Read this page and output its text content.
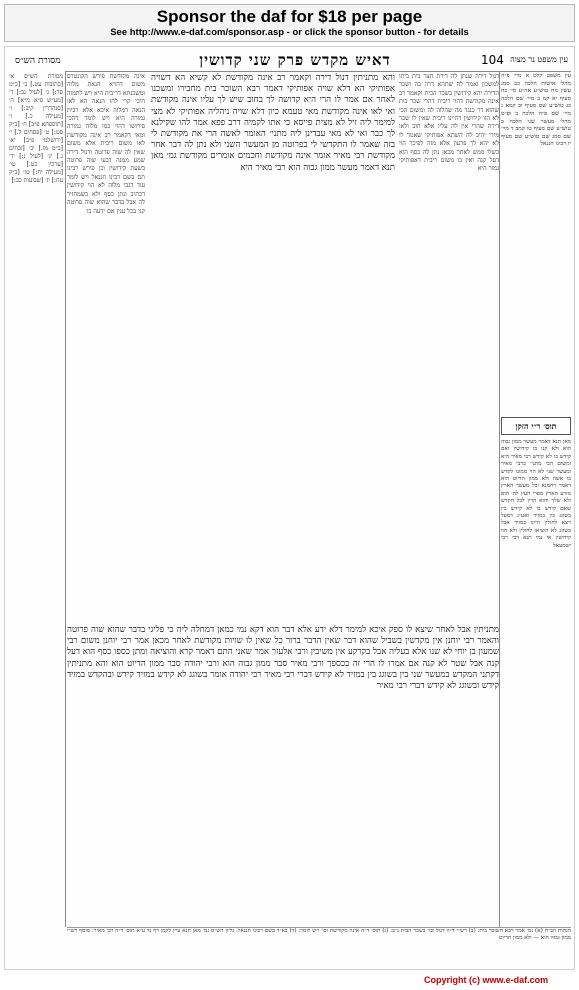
Sponsor the daf for $18 per page
See http://www.e-daf.com/sponsor.asp - or click the sponsor button - for details
מסורת הש״ס	דאיש מקדש פרק שני קדושין	104 עין משפט נר מצוה
מסורת הש״ס א׳ [כתובות עט.] ב׳ [ב״מ סד:] ג׳ [לעיל נב:] ד׳ [מע״ש פ״א מ״א] ה׳ [סנהדרין קיב:] ו׳ [מעילה כ.] ז׳ [תוספתא פ״ב] ח׳ [ב״ק סט:] ט׳ [פסחים ל.] י׳ [ירושלמי פ״ב] יא׳ [ב״מ מז.] יב׳ [זבחים נ.] יג׳ [לעיל נ:] יד׳ [ערכין כט.] טו׳ [מעילה יח:] טז׳ [ב״ק עח:] יז׳ [שבועות כב:]
אינה מקודשת פירש הקונטרס משום דהויא הנאת מלוה ומשכנתא דריבית היא ויש לתמוה היכי קרי להו הנאה הא לאו הנאה דמלוה איכא אלא רבית גמורה היא ויש לומר דהכי פירושו דהוי כמו מלוה גמורה ומאי דקאמר רב אינה מקודשת לאו משום ריבית אלא משום שאין לה שוה פרוטה ודנול דירה שמע ממנה דבעי שוה פרוטה בשעת קידושין וכן פירש רבינו תם בשם רבינו חננאל ויש לומר עוד דגבי מלוה לא הוי קידושין דכתיב ונתן כסף ולא כשמחזיר לה אבל בדבר שהוא שוה פרוטה קני בכל ענין אם ידעה בו
והא מתניתין דנול דירה וקאמר רב אינה מקודשת לא קשיא הא דשויה אפותיקי הא דלא שויה אפותיקי דאמר רבא השוכר בית מחבירו ומשכנו לאחר אם אמר לו הרי היא קדושה לך בחוב שיש לך עליו אינה מקודשת ואי לאו אינה מקודשת מאי טעמא כיון דלא שויה ניהליה אפותיקי לא מצי למימר ליה זיל לא מצית פייסא כי אתו לקמיה דרב פפא אמר להו שקילנא לך כבר ואי לא מאי עבדינן ליה מתני׳ האומר לאשה הרי את מקודשת לי בזה שאמר לו התקדשי לי בפרוטה מן המעשר השני ולא נתן לה דבר אחר מקודשת רבי מאיר אומר אינה מקודשת וחכמים אומרים מקודשת גמ׳ מאן תנא דאמר מעשר ממון גבוה הוא רבי מאיר היא
דנול דירה שנתן לה דירת חצר בית ביתו למשכון ואמר לה שתהא דרה בה ושכר הדירה יהא קידושין בשכר הבית וקאמר רב אינה מקודשת דהוי ריבית דהרי שכר בית שהוא דר כנגד מה שהלוה לה ומשום הכי לא הוו קידושין דהיינו ריבית שאין לו שכר דירה שהרי אין לה עליו אלא חוב ולאו מידי יהיב לה השתא אפותיקי שאמר לו לא יהא לך פרעון אלא מזה לפיכך הוי כשלו ממש לאחר מכאן נתן לה כסף הוא דעל קנה ואין בו משום ריבית דאפותיקי גמור היא
עין משפט קלט א מיי׳ פ״ה מהל׳ אישות הלכה כב סמג עשין מח טוש״ע אה״ע סי׳ כח סעיף יא קמ ב מיי׳ שם הלכה כג טוש״ע שם סעיף יב קמא ג מיי׳ שם פ״ה הלכה ב ופ״ט מהל׳ מעשר שני הלכה ב טוש״ע שם סעיף טו קמב ד מיי׳ שם סמג שם טוש״ע שם סעיף יז רבינו חננאל
תוס׳ ר״י הזקן
מאן תנא דאמר מעשר ממון גבוה הוא ולא קנו בו קידושין ואם קידש בו לא קידש רבי מאיר היא ומשום הכי מתני׳ כרבי מאיר ומעשר שני לא הוי ממונו לקדש בו אשה ולא ממון הדיוט הוא דאמר רחמנא וכל מעשר הארץ מזרע הארץ מפרי העץ לה׳ הוא ולא שלך והוא הדין לכל הקדש שאם קידש בו לא קידש בין בשוגג בין במזיד ואע״ג דמעל ויצא לחולין היינו במזיד אבל בשוגג לא הוציאו לחולין ולא הוו קידושין אי נמי תנא דבי רבי ישמעאל
מתניתין אבל לאחר שיצא לו ספק איכא למימר דלא ידע אלא דבר הוא דקא נמי כמאן דמחלה ליה כי פליגי בדבר שהוא שוה פרוטה והאמר רבי יוחנן אין מקדשין בשביל שהוא דבר שאין הדבר ברור כל שאין לו שויות מקודשת לאחר מכאן אמר רבי יוחנן משום רבי שמעון בן יוחי לא שנו אלא בעליה אבל בקרקע אין משיבין ורבי אלעזר אמר שאני התם דאמר קרא והוציאה ומתן כספו כסף הוא דעל קנה אבל שטר לא קנה אם אמרו לו הרי זה בכספך ורבי מאיר סבר ממון גבוה הוא ורבי יהודה סבר ממון הדיוט הוא והא מתניתין דקתני המקדש במעשר שני בין בשוגג בין במזיד לא קידש דברי רבי מאיר רבי יהודה אומר בשוגג לא קידש במזיד קידש ובהקדש במזיד קידש ובשוגג לא קידש דברי רבי מאיר
הגהות הב״ח (א) גמ׳ אמר רבא השוכר בית: (ב) רש״י ד״ה דנול וכו׳ בשכר הבית נ״ב: (ג) תוס׳ ד״ה אינה מקודשת וכו׳ ויש לומר: (ד) בא״ד בשם רבינו חננאל: גליון הש״ס גמ׳ מאן תנא עיין לקמן דף נד ע״א תוס׳ ד״ה רבי מאיר: מוסף רש״י ממון גבוה הוא — ולא ממון הדיוט
Copyright (c) www.e-daf.com
